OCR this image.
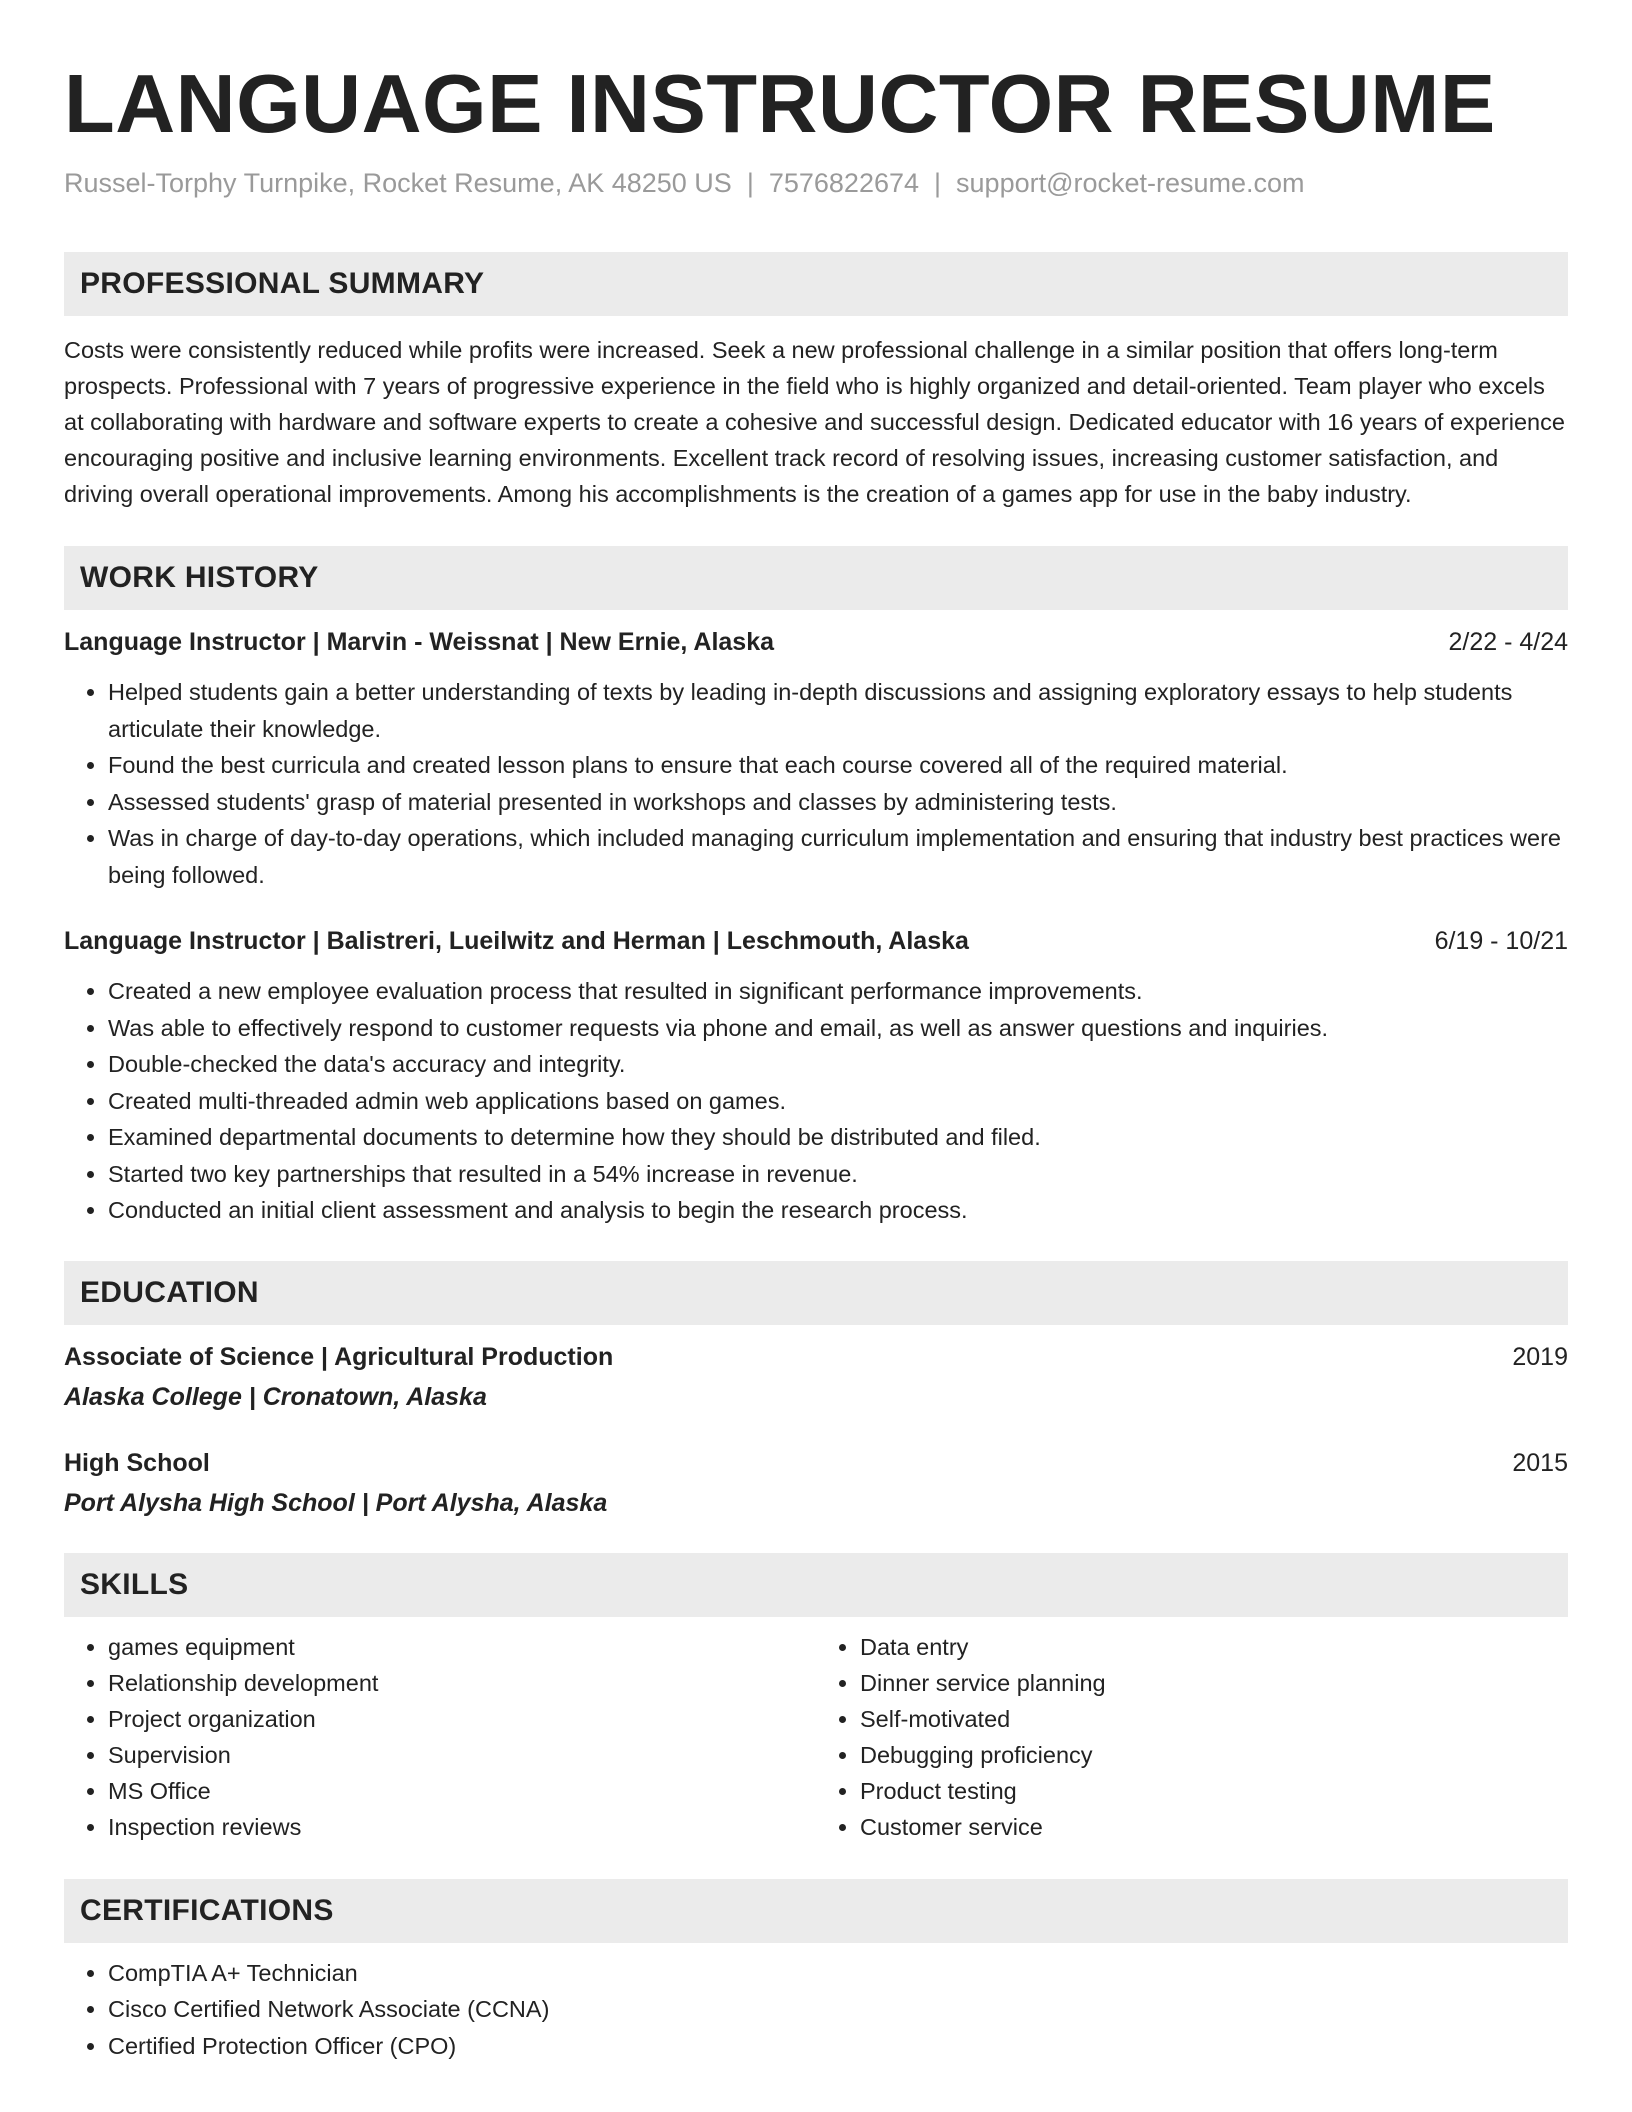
LANGUAGE INSTRUCTOR RESUME
Russel-Torphy Turnpike, Rocket Resume, AK 48250 US | 7576822674 | support@rocket-resume.com
PROFESSIONAL SUMMARY
Costs were consistently reduced while profits were increased. Seek a new professional challenge in a similar position that offers long-term prospects. Professional with 7 years of progressive experience in the field who is highly organized and detail-oriented. Team player who excels at collaborating with hardware and software experts to create a cohesive and successful design. Dedicated educator with 16 years of experience encouraging positive and inclusive learning environments. Excellent track record of resolving issues, increasing customer satisfaction, and driving overall operational improvements. Among his accomplishments is the creation of a games app for use in the baby industry.
WORK HISTORY
Language Instructor | Marvin - Weissnat | New Ernie, Alaska	2/22 - 4/24
• Helped students gain a better understanding of texts by leading in-depth discussions and assigning exploratory essays to help students articulate their knowledge.
• Found the best curricula and created lesson plans to ensure that each course covered all of the required material.
• Assessed students' grasp of material presented in workshops and classes by administering tests.
• Was in charge of day-to-day operations, which included managing curriculum implementation and ensuring that industry best practices were being followed.
Language Instructor | Balistreri, Lueilwitz and Herman | Leschmouth, Alaska	6/19 - 10/21
• Created a new employee evaluation process that resulted in significant performance improvements.
• Was able to effectively respond to customer requests via phone and email, as well as answer questions and inquiries.
• Double-checked the data's accuracy and integrity.
• Created multi-threaded admin web applications based on games.
• Examined departmental documents to determine how they should be distributed and filed.
• Started two key partnerships that resulted in a 54% increase in revenue.
• Conducted an initial client assessment and analysis to begin the research process.
EDUCATION
Associate of Science | Agricultural Production	2019
Alaska College | Cronatown, Alaska
High School	2015
Port Alysha High School | Port Alysha, Alaska
SKILLS
• games equipment
• Relationship development
• Project organization
• Supervision
• MS Office
• Inspection reviews
• Data entry
• Dinner service planning
• Self-motivated
• Debugging proficiency
• Product testing
• Customer service
CERTIFICATIONS
• CompTIA A+ Technician
• Cisco Certified Network Associate (CCNA)
• Certified Protection Officer (CPO)
